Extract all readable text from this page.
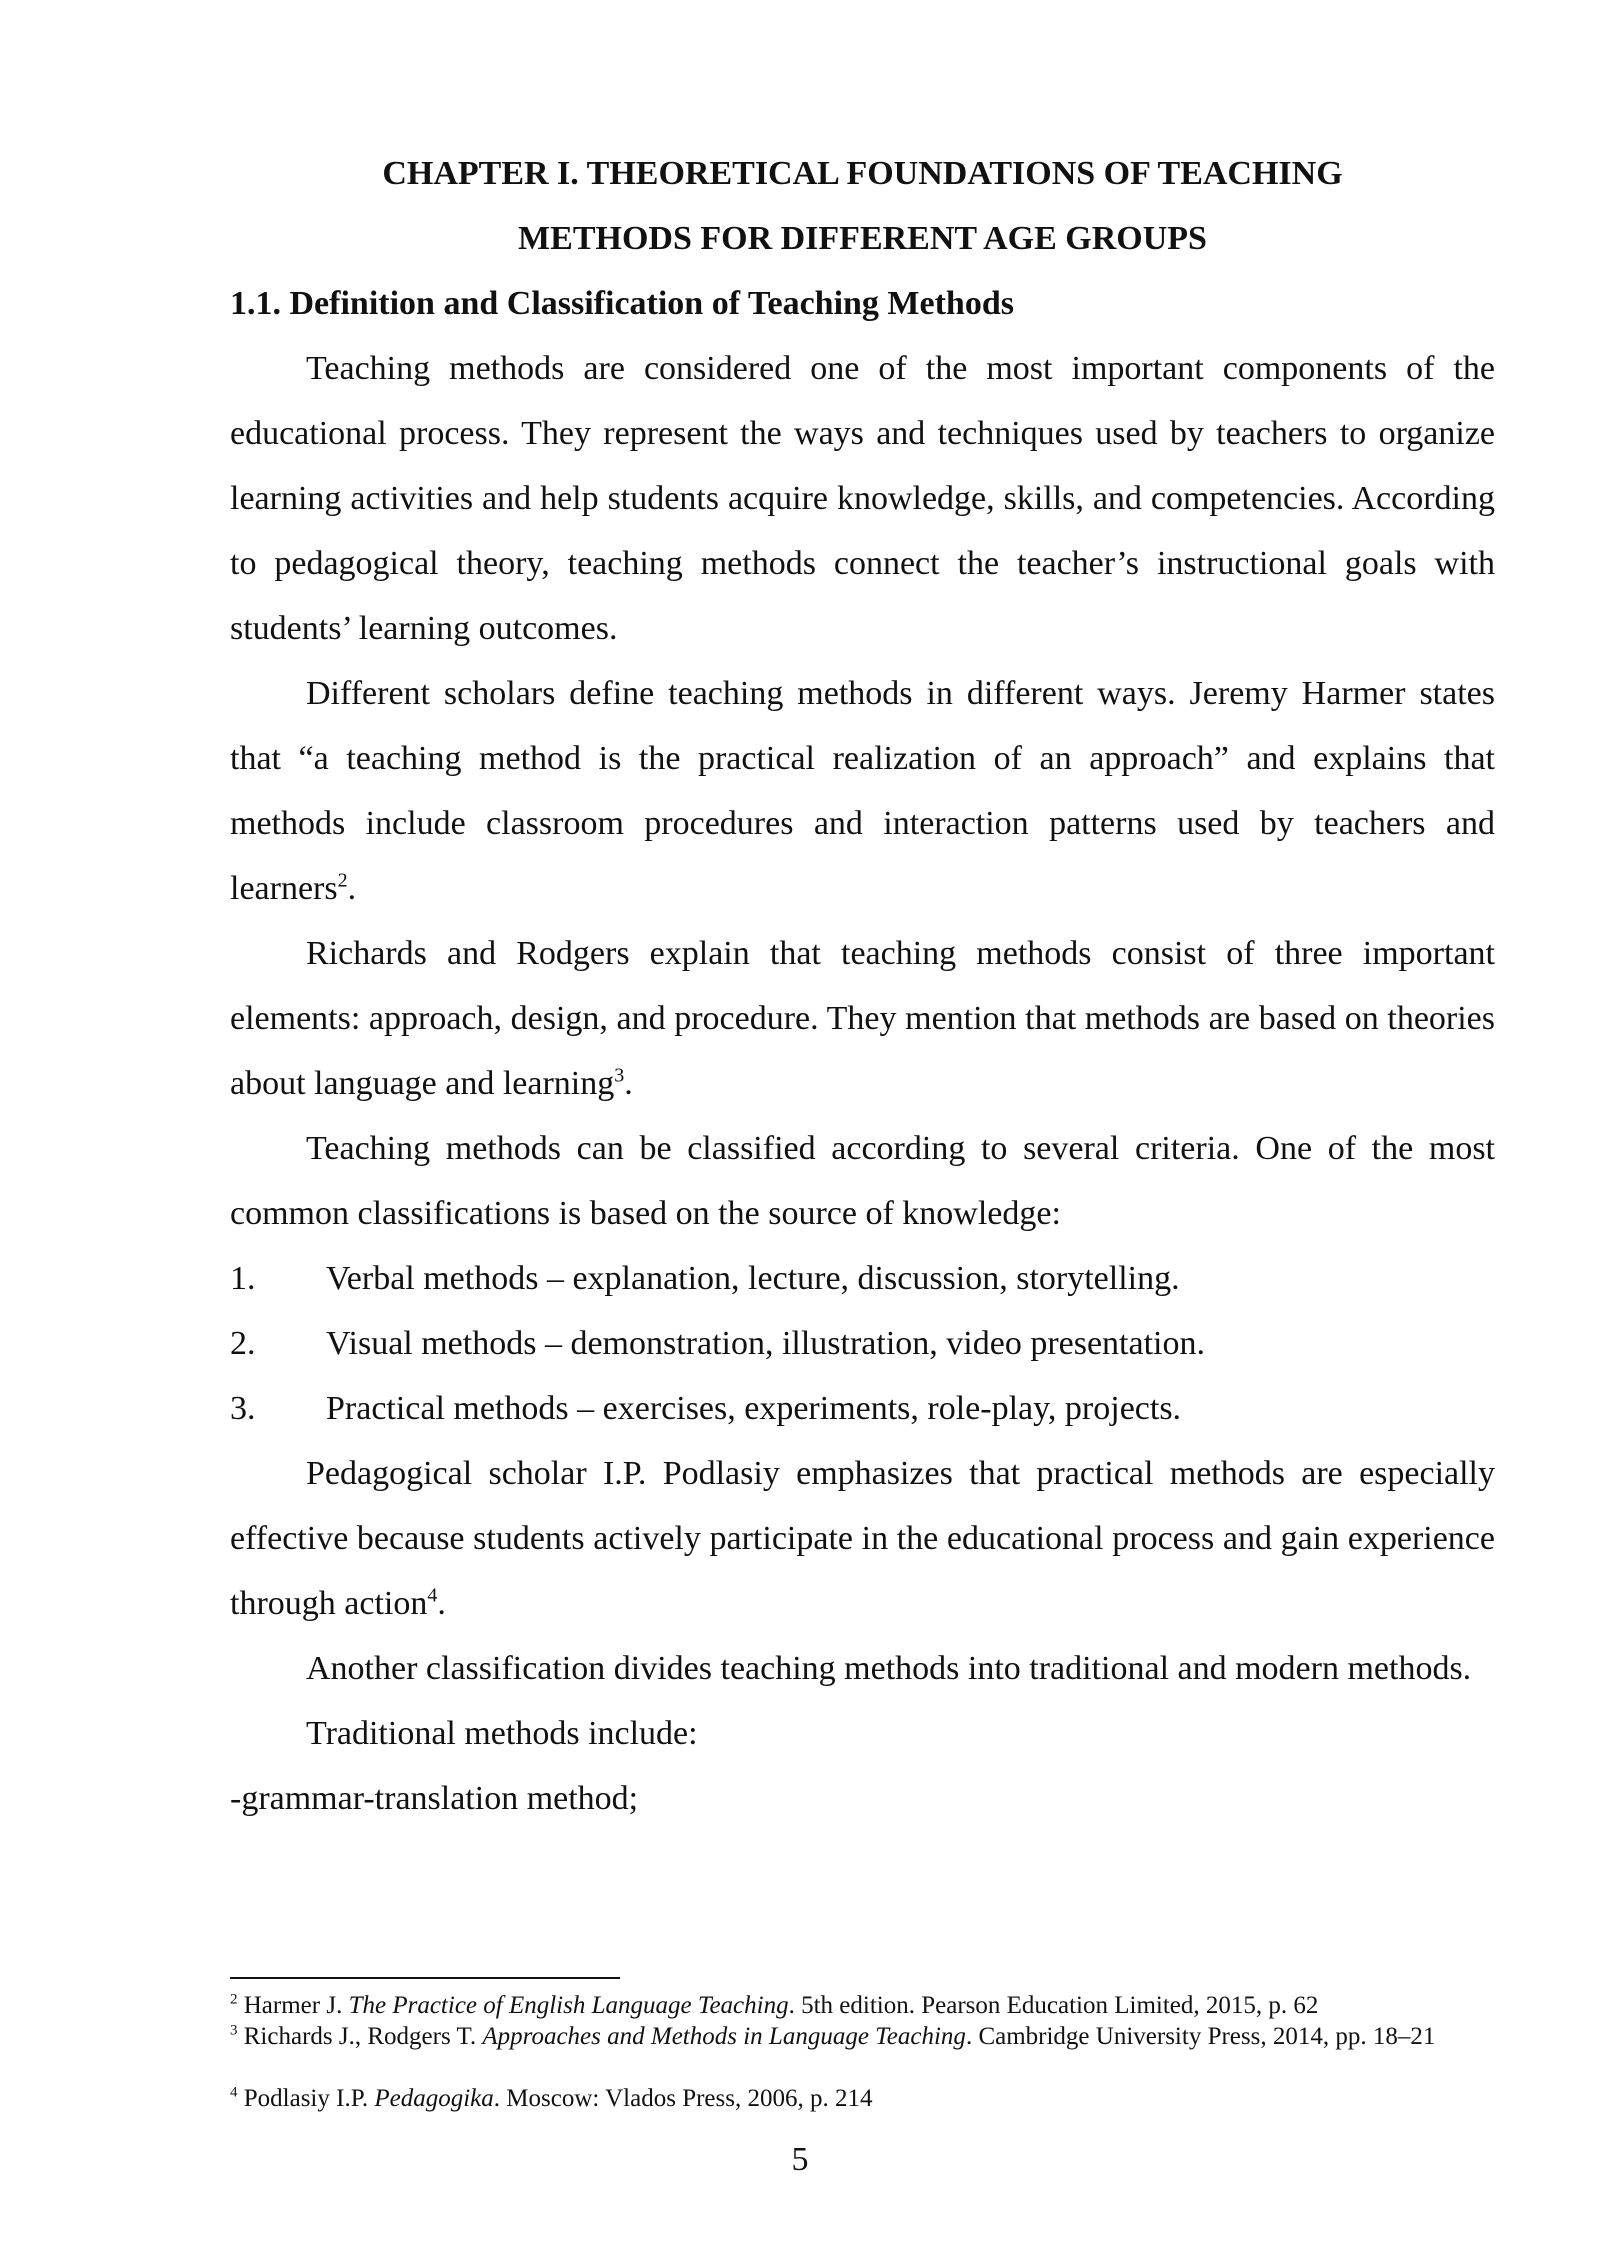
CHAPTER I. THEORETICAL FOUNDATIONS OF TEACHING
METHODS FOR DIFFERENT AGE GROUPS
1.1. Definition and Classification of Teaching Methods

Teaching methods are considered one of the most important components of the educational process. They represent the ways and techniques used by teachers to organize learning activities and help students acquire knowledge, skills, and competencies. According to pedagogical theory, teaching methods connect the teacher’s instructional goals with students’ learning outcomes.

Different scholars define teaching methods in different ways. Jeremy Harmer states that “a teaching method is the practical realization of an approach” and explains that methods include classroom procedures and interaction patterns used by teachers and learners$^2$.

Richards and Rodgers explain that teaching methods consist of three important elements: approach, design, and procedure. They mention that methods are based on theories about language and learning$^3$.

Teaching methods can be classified according to several criteria. One of the most common classifications is based on the source of knowledge:

1. Verbal methods – explanation, lecture, discussion, storytelling.
2. Visual methods – demonstration, illustration, video presentation.
3. Practical methods – exercises, experiments, role-play, projects.

Pedagogical scholar I.P. Podlasiy emphasizes that practical methods are especially effective because students actively participate in the educational process and gain experience through action$^4$.

Another classification divides teaching methods into traditional and modern methods.

Traditional methods include:

-grammar-translation method;

$^2$ Harmer J. The Practice of English Language Teaching. 5th edition. Pearson Education Limited, 2015, p. 62
$^3$ Richards J., Rodgers T. Approaches and Methods in Language Teaching. Cambridge University Press, 2014, pp. 18–21
$^4$ Podlasiy I.P. Pedagogika. Moscow: Vlados Press, 2006, p. 214
5
